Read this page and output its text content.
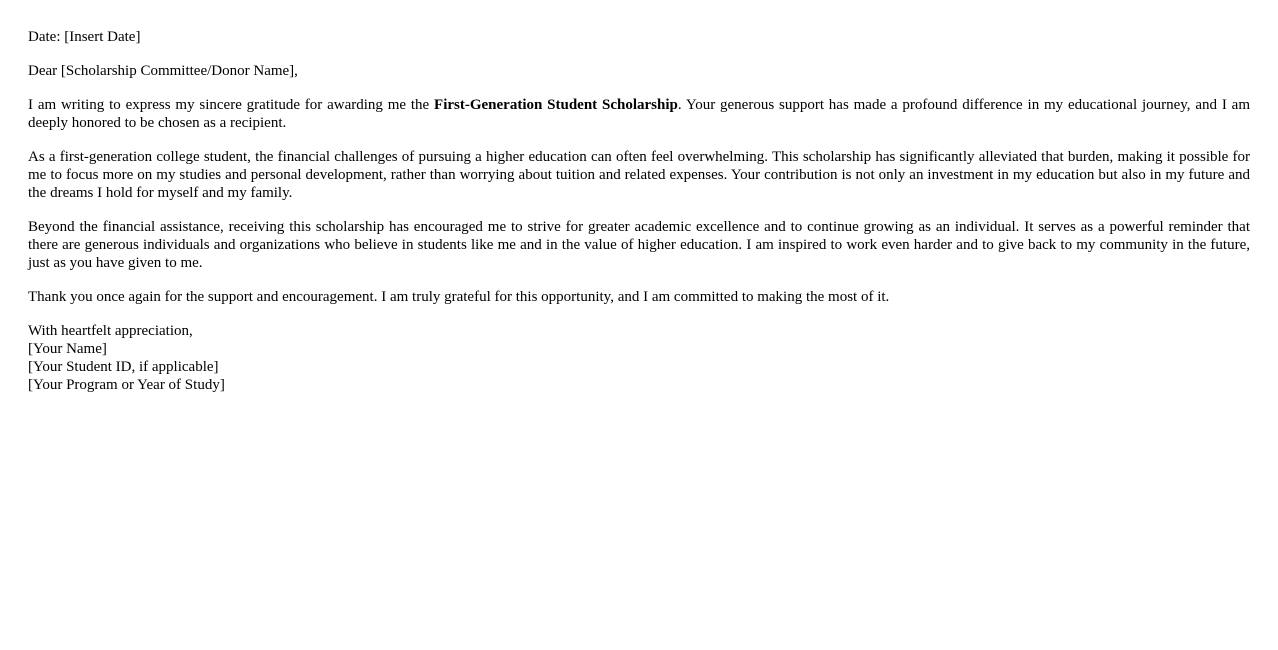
Date: [Insert Date]

Dear [Scholarship Committee/Donor Name],

I am writing to express my sincere gratitude for awarding me the First-Generation Student Scholarship. Your generous support has made a profound difference in my educational journey, and I am deeply honored to be chosen as a recipient.

As a first-generation college student, the financial challenges of pursuing a higher education can often feel overwhelming. This scholarship has significantly alleviated that burden, making it possible for me to focus more on my studies and personal development, rather than worrying about tuition and related expenses. Your contribution is not only an investment in my education but also in my future and the dreams I hold for myself and my family.

Beyond the financial assistance, receiving this scholarship has encouraged me to strive for greater academic excellence and to continue growing as an individual. It serves as a powerful reminder that there are generous individuals and organizations who believe in students like me and in the value of higher education. I am inspired to work even harder and to give back to my community in the future, just as you have given to me.

Thank you once again for the support and encouragement. I am truly grateful for this opportunity, and I am committed to making the most of it.

With heartfelt appreciation,
[Your Name]
[Your Student ID, if applicable]
[Your Program or Year of Study]
